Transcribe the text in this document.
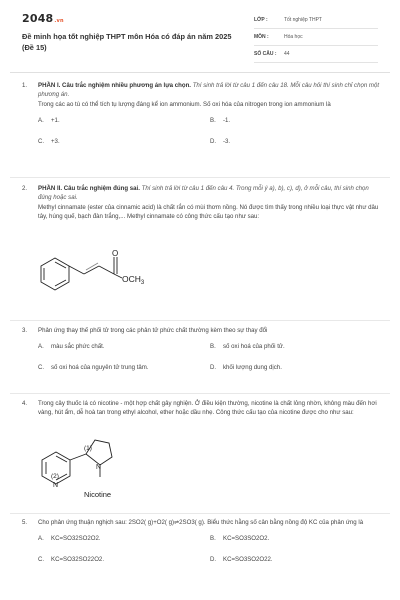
2048.vn
Đề minh họa tốt nghiệp THPT môn Hóa có đáp án năm 2025 (Đề 15)
LỚP :	Tốt nghiệp THPT
MÔN :	Hóa học
SỐ CÂU : 44
1. PHẦN I. Câu trắc nghiệm nhiều phương án lựa chọn. Thí sinh trả lời từ câu 1 đến câu 18. Mỗi câu hỏi thí sinh chỉ chọn một phương án.
Trong các ao tù có thể tích tụ lượng đáng kể ion ammonium. Số oxi hóa của nitrogen trong ion ammonium là
A. +1.	B. -1.
C. +3.	D. -3.
2. PHẦN II. Câu trắc nghiệm đúng sai. Thí sinh trả lời từ câu 1 đến câu 4. Trong mỗi ý a), b), c), d), ở mỗi câu, thí sinh chọn đúng hoặc sai.
Methyl cinnamate (ester của cinnamic acid) là chất rắn có mùi thơm nồng. Nó được tìm thấy trong nhiều loại thực vật như dâu tây, húng quế, bạch đàn trắng,... Methyl cinnamate có công thức cấu tạo như sau:
O
$OCH_3$
3. Phản ứng thay thế phối tử trong các phản tử phức chất thường kèm theo sự thay đổi
A. màu sắc phức chất.	B. số oxi hoá của phối tử.
C. số oxi hoá của nguyên tử trung tâm.	D. khối lượng dung dịch.
4. Trong cây thuốc lá có nicotine - một hợp chất gây nghiện. Ở điều kiện thường, nicotine là chất lỏng nhờn, không màu đến hơi vàng, hút ẩm, dễ hoà tan trong ethyl alcohol, ether hoặc dầu nhẹ. Công thức cấu tạo của nicotine được cho như sau:
N
N
(1)
(2)
Nicotine
5. Cho phản ứng thuận nghịch sau: 2SO2( g)+O2( g)⇌2SO3( g). Biểu thức hằng số cân bằng nồng độ KC của phản ứng là
A. KC=SO32SO2O2.	B. KC=SO3SO2O2.
C. KC=SO32SO22O2.	D. KC=SO3SO2O22.
